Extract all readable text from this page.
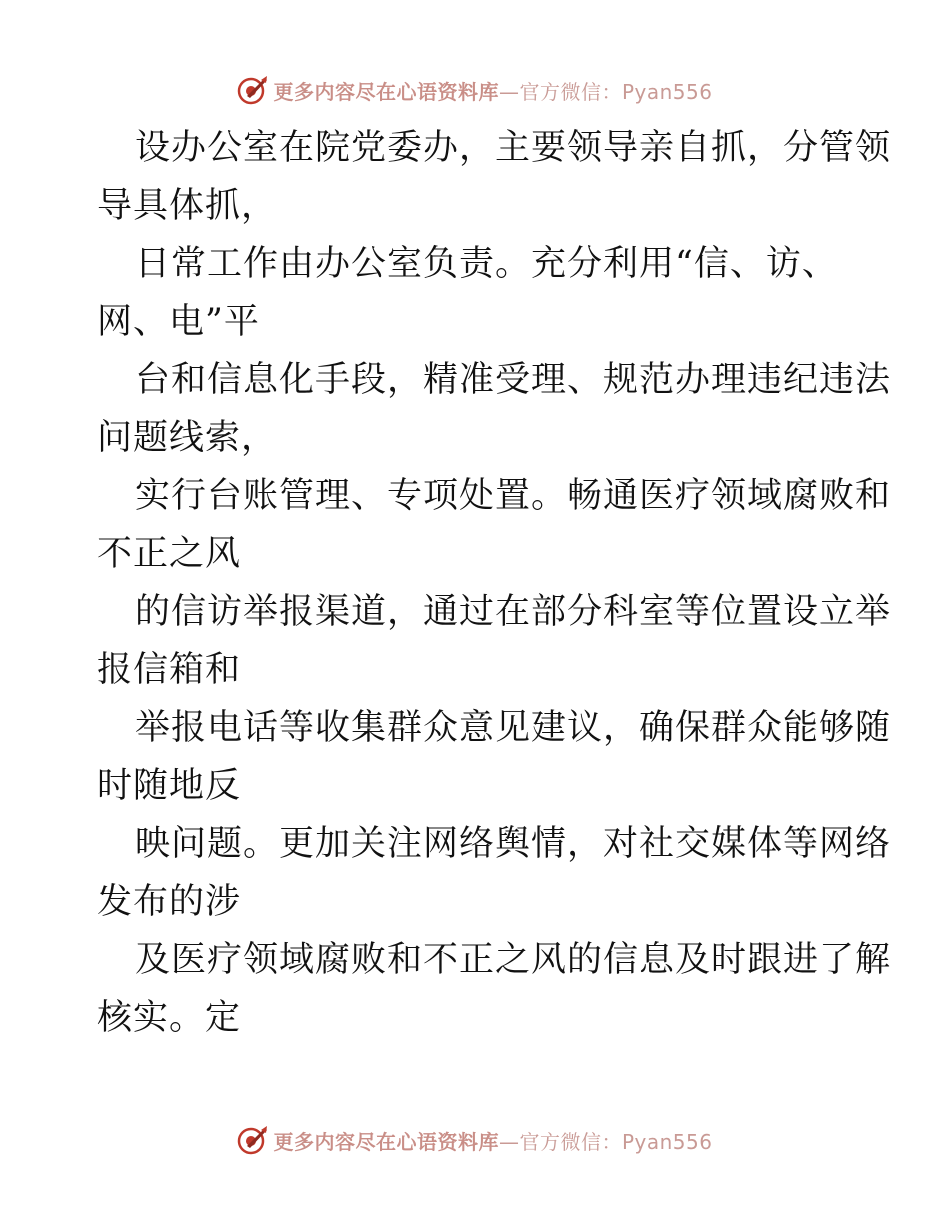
更多内容尽在心语资料库—官方微信：Pyan556
设办公室在院党委办，主要领导亲自抓，分管领
导具体抓，
日常工作由办公室负责。充分利用“信、访、
网、电”平
台和信息化手段，精准受理、规范办理违纪违法
问题线索，
实行台账管理、专项处置。畅通医疗领域腐败和
不正之风
的信访举报渠道，通过在部分科室等位置设立举
报信箱和
举报电话等收集群众意见建议，确保群众能够随
时随地反
映问题。更加关注网络舆情，对社交媒体等网络
发布的涉
及医疗领域腐败和不正之风的信息及时跟进了解
核实。定
更多内容尽在心语资料库—官方微信：Pyan556
